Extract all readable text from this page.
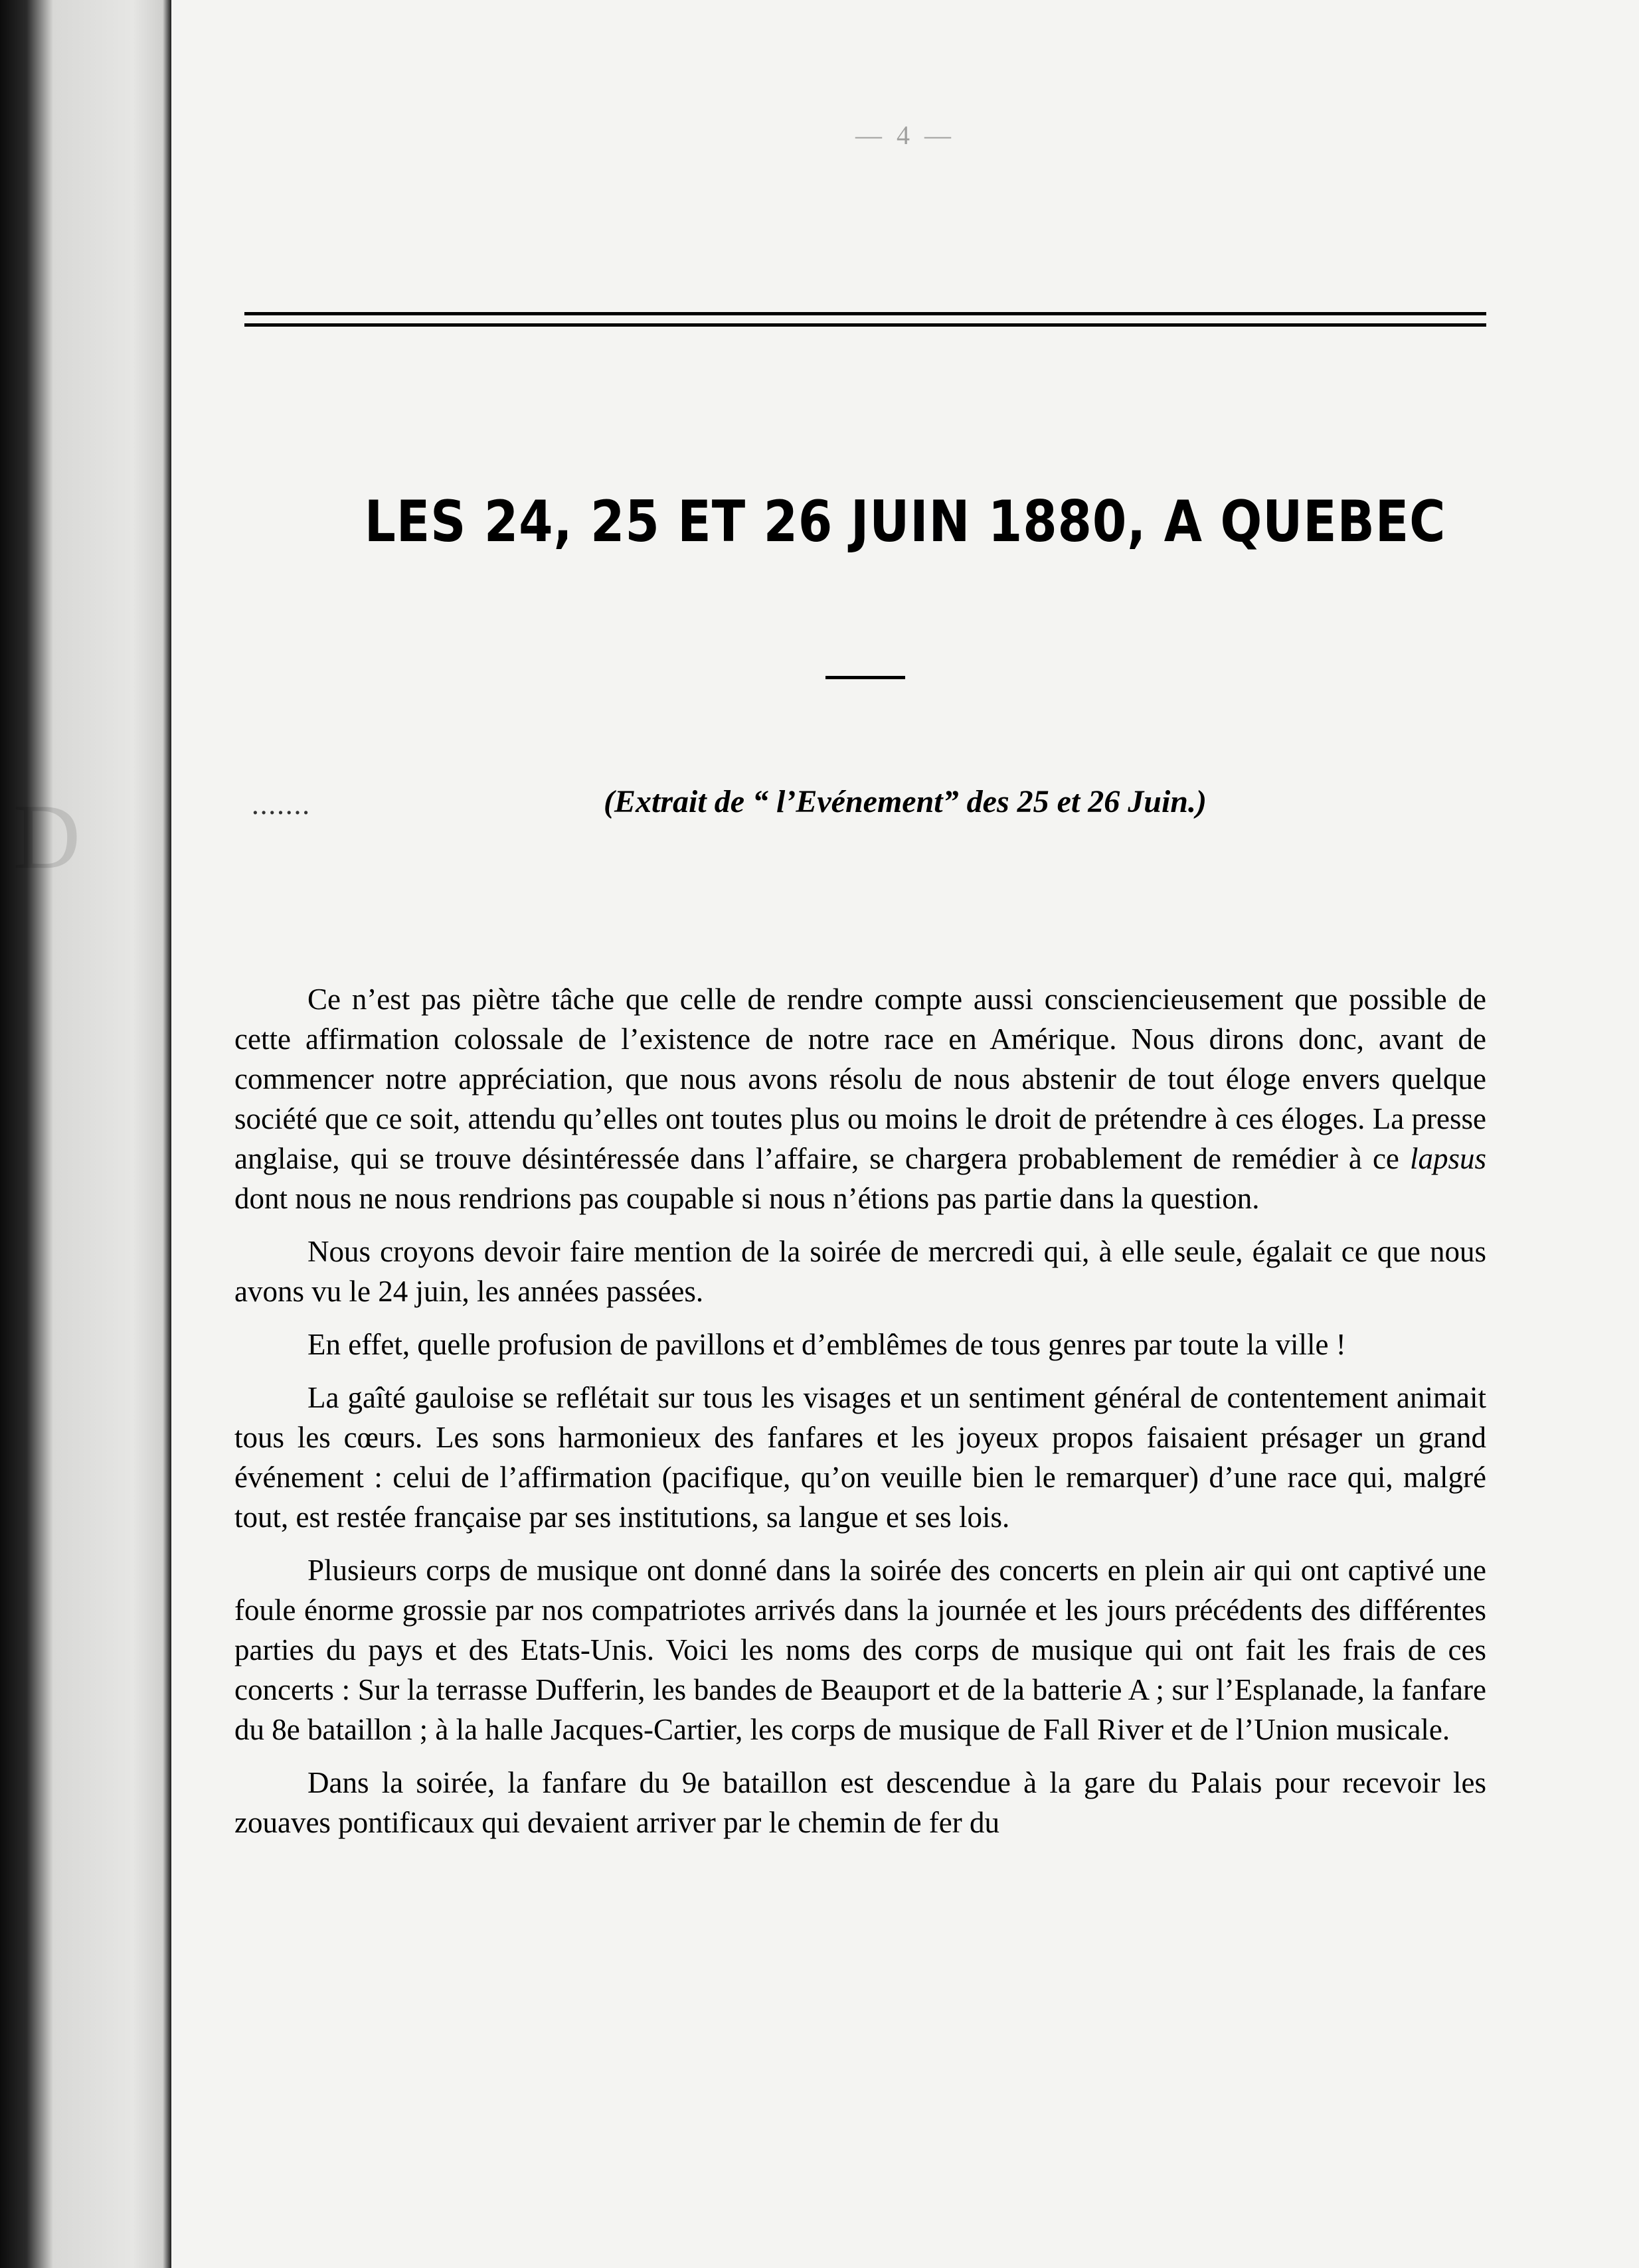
D
— 4 —
LES 24, 25 ET 26 JUIN 1880, A QUEBEC
.......	(Extrait de “ l’Evénement” des 25 et 26 Juin.)

Ce n’est pas piètre tâche que celle de rendre compte aussi consciencieusement que possible de cette affirmation colossale de l’existence de notre race en Amérique. Nous dirons donc, avant de commencer notre appréciation, que nous avons résolu de nous abstenir de tout éloge envers quelque société que ce soit, attendu qu’elles ont toutes plus ou moins le droit de prétendre à ces éloges. La presse anglaise, qui se trouve désintéressée dans l’affaire, se chargera probablement de remédier à ce lapsus dont nous ne nous rendrions pas coupable si nous n’étions pas partie dans la question.

Nous croyons devoir faire mention de la soirée de mercredi qui, à elle seule, égalait ce que nous avons vu le 24 juin, les années passées.

En effet, quelle profusion de pavillons et d’emblêmes de tous genres par toute la ville !

La gaîté gauloise se reflétait sur tous les visages et un sentiment général de contentement animait tous les cœurs. Les sons harmonieux des fanfares et les joyeux propos faisaient présager un grand événement : celui de l’affirmation (pacifique, qu’on veuille bien le remarquer) d’une race qui, malgré tout, est restée française par ses institutions, sa langue et ses lois.

Plusieurs corps de musique ont donné dans la soirée des concerts en plein air qui ont captivé une foule énorme grossie par nos compatriotes arrivés dans la journée et les jours précédents des différentes parties du pays et des Etats-Unis. Voici les noms des corps de musique qui ont fait les frais de ces concerts : Sur la terrasse Dufferin, les bandes de Beauport et de la batterie A ; sur l’Esplanade, la fanfare du 8e bataillon ; à la halle Jacques-Cartier, les corps de musique de Fall River et de l’Union musicale.

Dans la soirée, la fanfare du 9e bataillon est descendue à la gare du Palais pour recevoir les zouaves pontificaux qui devaient arriver par le chemin de fer du
